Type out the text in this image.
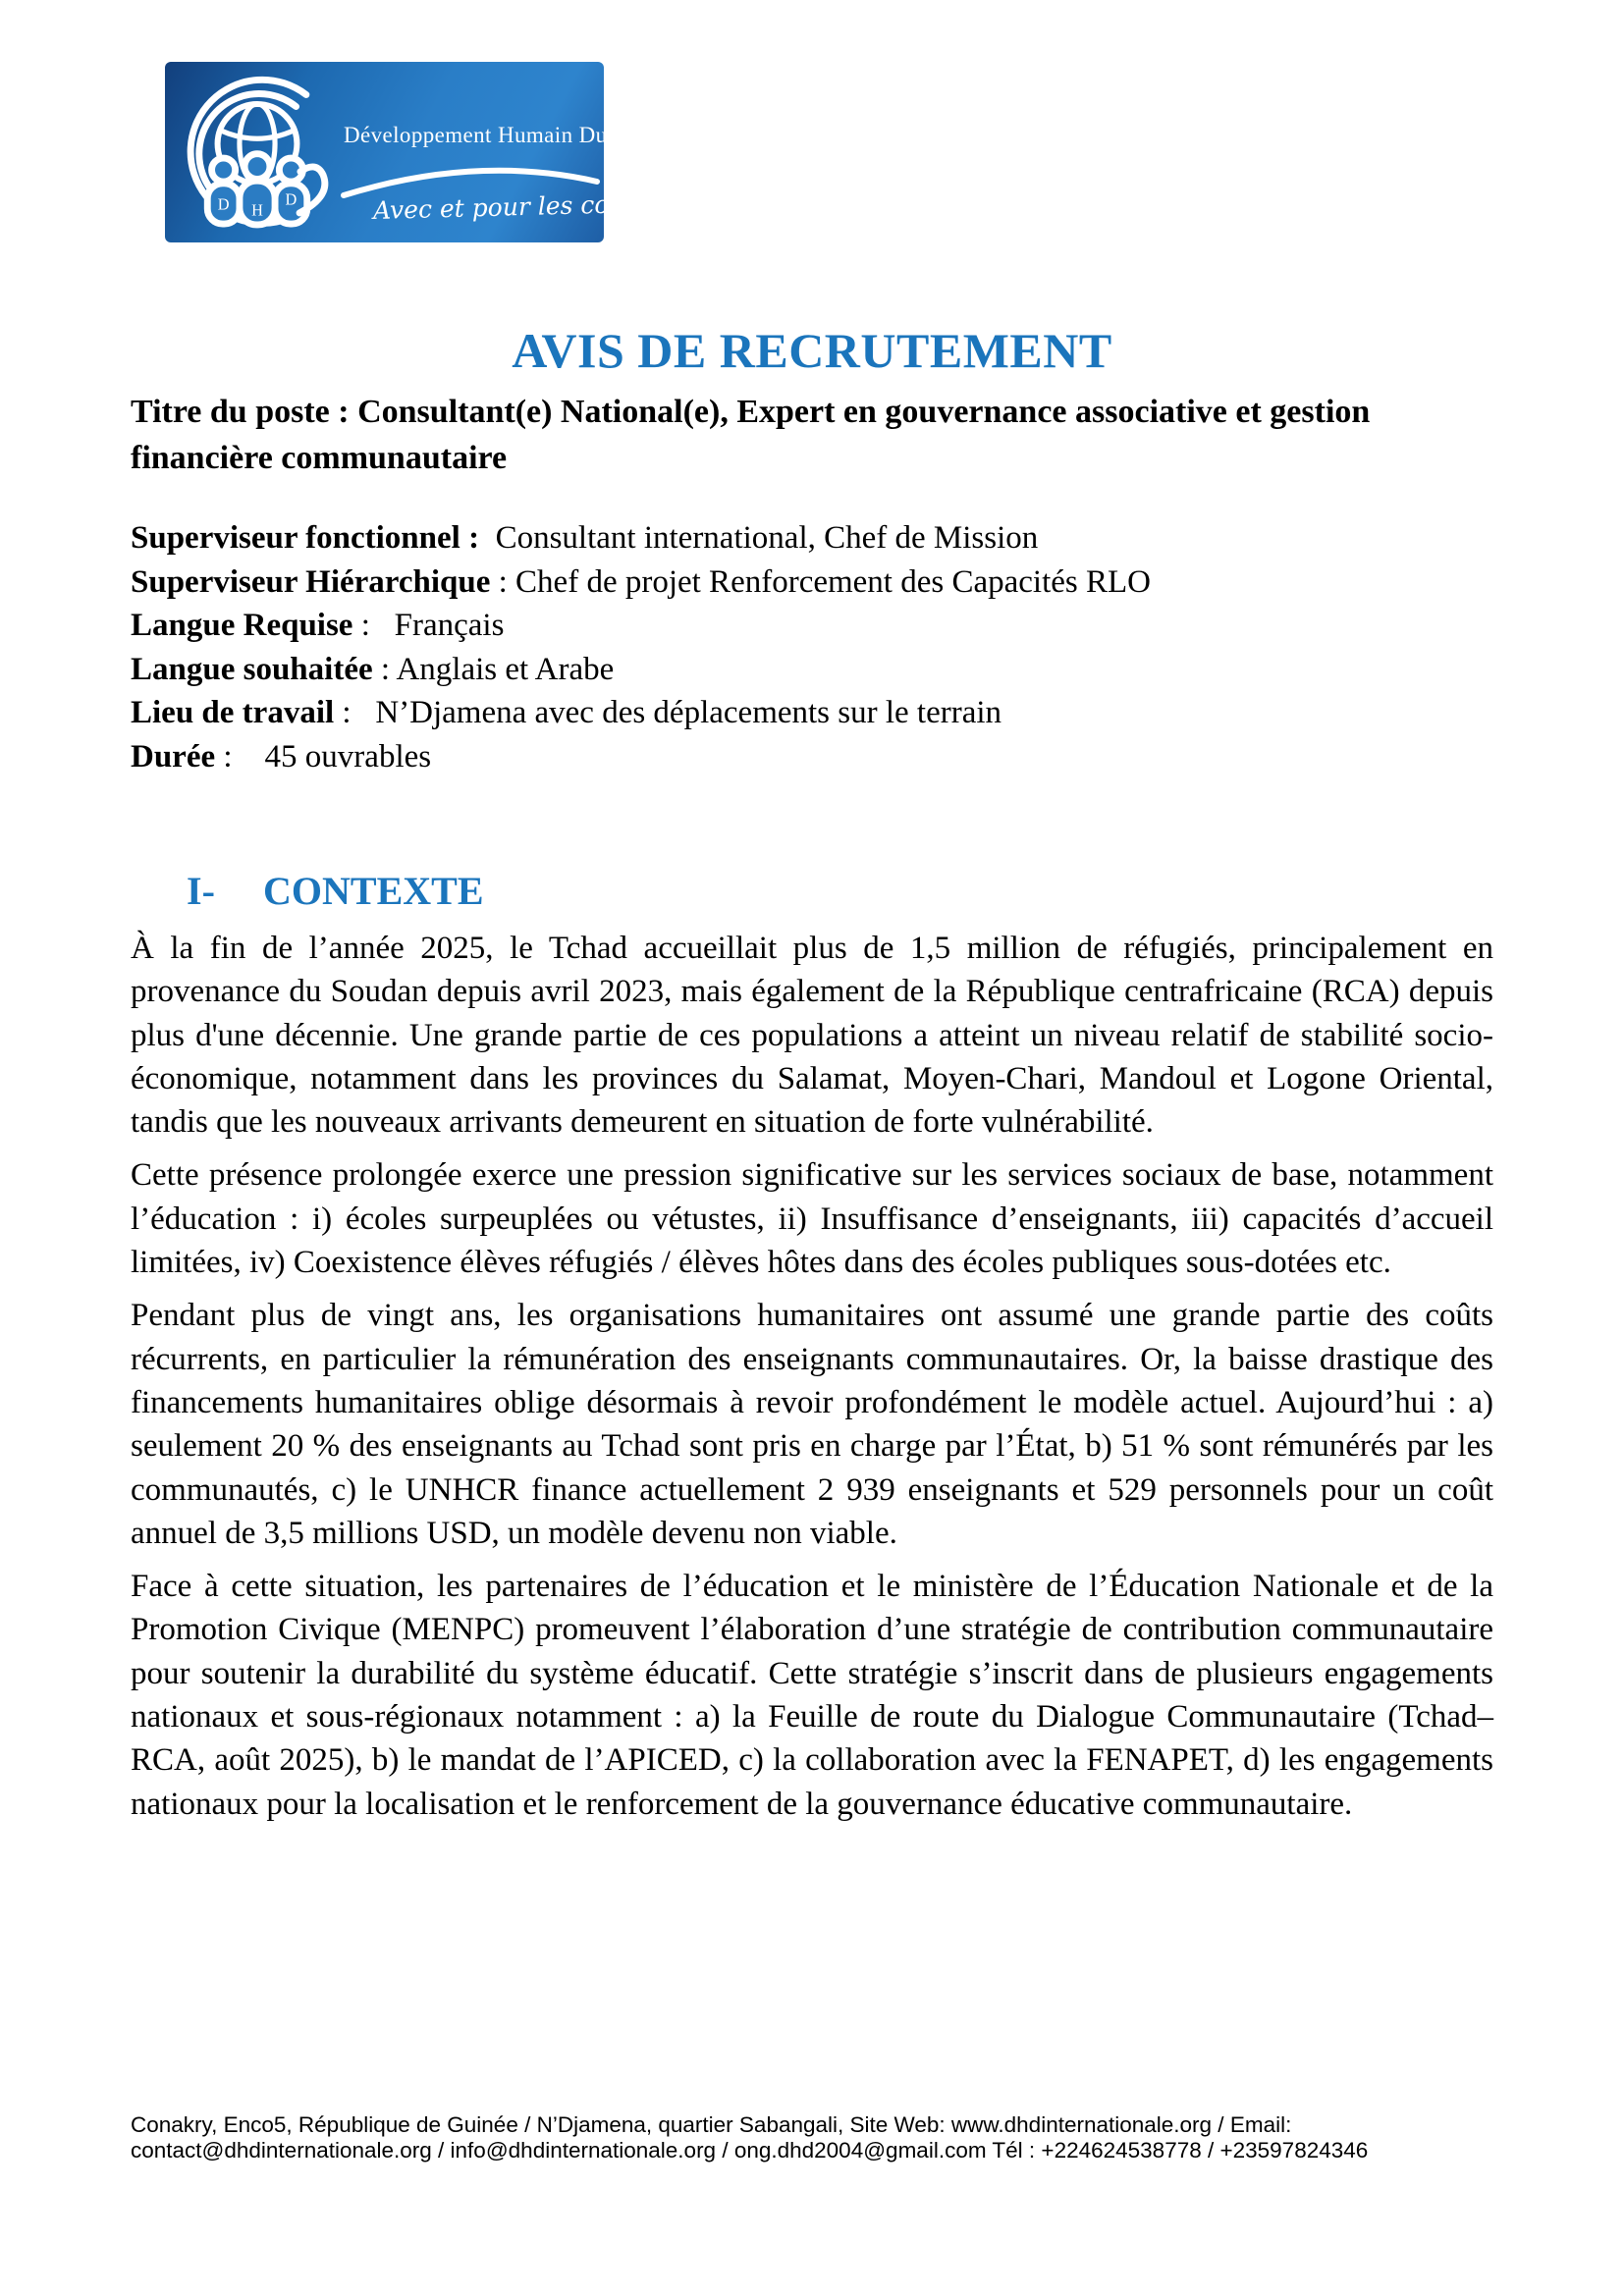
D H
D
Développement Humain Durable
Avec et pour les communautés
AVIS DE RECRUTEMENT
Titre du poste : Consultant(e) National(e), Expert en gouvernance associative et gestion financière communautaire
Superviseur fonctionnel :  Consultant international, Chef de Mission
Superviseur Hiérarchique : Chef de projet Renforcement des Capacités RLO
Langue Requise :   Français
Langue souhaitée : Anglais et Arabe
Lieu de travail :   N’Djamena avec des déplacements sur le terrain
Durée :    45 ouvrables
I- CONTEXTE

À la fin de l’année 2025, le Tchad accueillait plus de 1,5 million de réfugiés, principalement en provenance du Soudan depuis avril 2023, mais également de la République centrafricaine (RCA) depuis plus d'une décennie. Une grande partie de ces populations a atteint un niveau relatif de stabilité socio-économique, notamment dans les provinces du Salamat, Moyen-Chari, Mandoul et Logone Oriental, tandis que les nouveaux arrivants demeurent en situation de forte vulnérabilité.

Cette présence prolongée exerce une pression significative sur les services sociaux de base, notamment l’éducation : i) écoles surpeuplées ou vétustes, ii) Insuffisance d’enseignants, iii) capacités d’accueil limitées, iv) Coexistence élèves réfugiés / élèves hôtes dans des écoles publiques sous-dotées etc.

Pendant plus de vingt ans, les organisations humanitaires ont assumé une grande partie des coûts récurrents, en particulier la rémunération des enseignants communautaires. Or, la baisse drastique des financements humanitaires oblige désormais à revoir profondément le modèle actuel. Aujourd’hui : a) seulement 20 % des enseignants au Tchad sont pris en charge par l’État, b) 51 % sont rémunérés par les communautés, c) le UNHCR finance actuellement 2 939 enseignants et 529 personnels pour un coût annuel de 3,5 millions USD, un modèle devenu non viable.

Face à cette situation, les partenaires de l’éducation et le ministère de l’Éducation Nationale et de la Promotion Civique (MENPC) promeuvent l’élaboration d’une stratégie de contribution communautaire pour soutenir la durabilité du système éducatif. Cette stratégie s’inscrit dans de plusieurs engagements nationaux et sous-régionaux notamment : a) la Feuille de route du Dialogue Communautaire (Tchad–RCA, août 2025), b) le mandat de l’APICED, c) la collaboration avec la FENAPET, d) les engagements nationaux pour la localisation et le renforcement de la gouvernance éducative communautaire.

Conakry, Enco5, République de Guinée / N’Djamena, quartier Sabangali, Site Web: www.dhdinternationale.org / Email:
contact@dhdinternationale.org / info@dhdinternationale.org / ong.dhd2004@gmail.com Tél : +224624538778 / +23597824346
